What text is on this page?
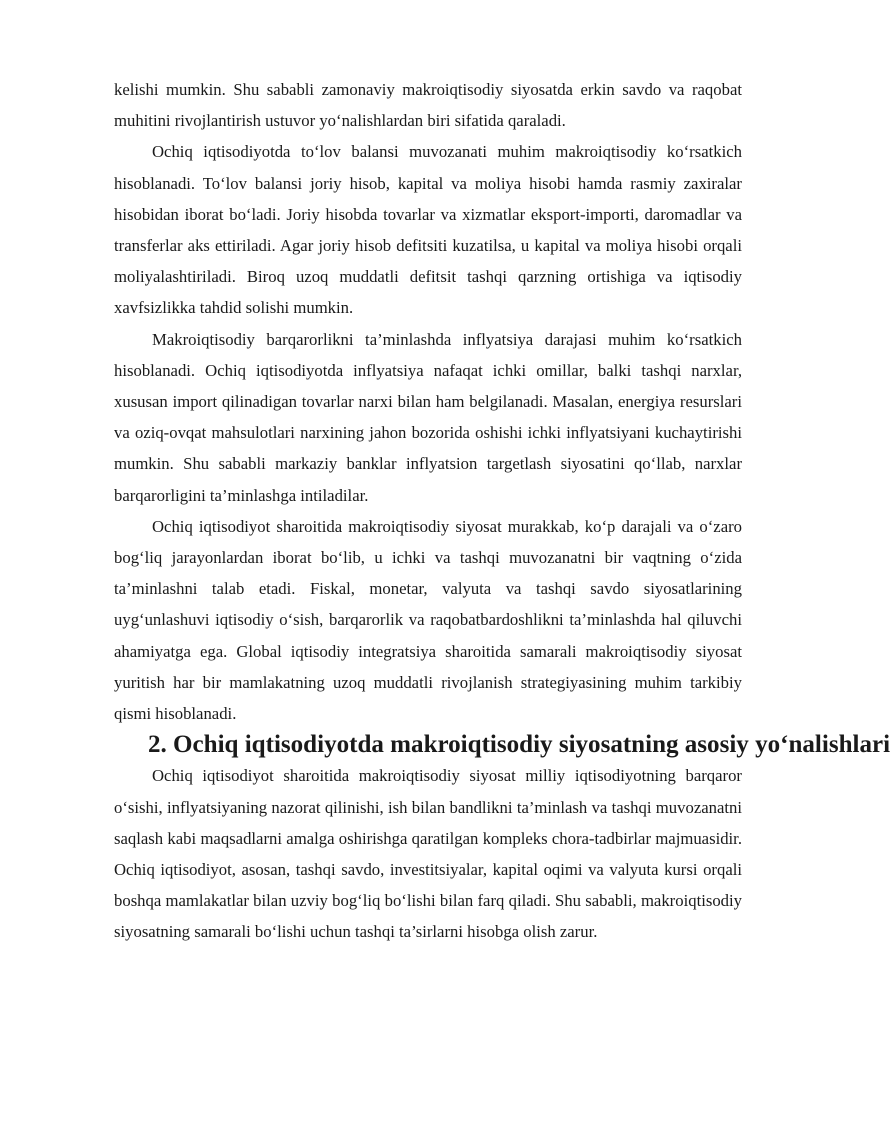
kelishi mumkin. Shu sababli zamonaviy makroiqtisodiy siyosatda erkin savdo va raqobat muhitini rivojlantirish ustuvor yo‘nalishlardan biri sifatida qaraladi.

Ochiq iqtisodiyotda to‘lov balansi muvozanati muhim makroiqtisodiy ko‘rsatkich hisoblanadi. To‘lov balansi joriy hisob, kapital va moliya hisobi hamda rasmiy zaxiralar hisobidan iborat bo‘ladi. Joriy hisobda tovarlar va xizmatlar eksport-importi, daromadlar va transferlar aks ettiriladi. Agar joriy hisob defitsiti kuzatilsa, u kapital va moliya hisobi orqali moliyalashtiriladi. Biroq uzoq muddatli defitsit tashqi qarzning ortishiga va iqtisodiy xavfsizlikka tahdid solishi mumkin.

Makroiqtisodiy barqarorlikni ta’minlashda inflyatsiya darajasi muhim ko‘rsatkich hisoblanadi. Ochiq iqtisodiyotda inflyatsiya nafaqat ichki omillar, balki tashqi narxlar, xususan import qilinadigan tovarlar narxi bilan ham belgilanadi. Masalan, energiya resurslari va oziq-ovqat mahsulotlari narxining jahon bozorida oshishi ichki inflyatsiyani kuchaytirishi mumkin. Shu sababli markaziy banklar inflyatsion targetlash siyosatini qo‘llab, narxlar barqarorligini ta’minlashga intiladilar.

Ochiq iqtisodiyot sharoitida makroiqtisodiy siyosat murakkab, ko‘p darajali va o‘zaro bog‘liq jarayonlardan iborat bo‘lib, u ichki va tashqi muvozanatni bir vaqtning o‘zida ta’minlashni talab etadi. Fiskal, monetar, valyuta va tashqi savdo siyosatlarining uyg‘unlashuvi iqtisodiy o‘sish, barqarorlik va raqobatbardoshlikni ta’minlashda hal qiluvchi ahamiyatga ega. Global iqtisodiy integratsiya sharoitida samarali makroiqtisodiy siyosat yuritish har bir mamlakatning uzoq muddatli rivojlanish strategiyasining muhim tarkibiy qismi hisoblanadi.

2. Ochiq iqtisodiyotda makroiqtisodiy siyosatning asosiy yo‘nalishlari

Ochiq iqtisodiyot sharoitida makroiqtisodiy siyosat milliy iqtisodiyotning barqaror o‘sishi, inflyatsiyaning nazorat qilinishi, ish bilan bandlikni ta’minlash va tashqi muvozanatni saqlash kabi maqsadlarni amalga oshirishga qaratilgan kompleks chora-tadbirlar majmuasidir. Ochiq iqtisodiyot, asosan, tashqi savdo, investitsiyalar, kapital oqimi va valyuta kursi orqali boshqa mamlakatlar bilan uzviy bog‘liq bo‘lishi bilan farq qiladi. Shu sababli, makroiqtisodiy siyosatning samarali bo‘lishi uchun tashqi ta’sirlarni hisobga olish zarur.
